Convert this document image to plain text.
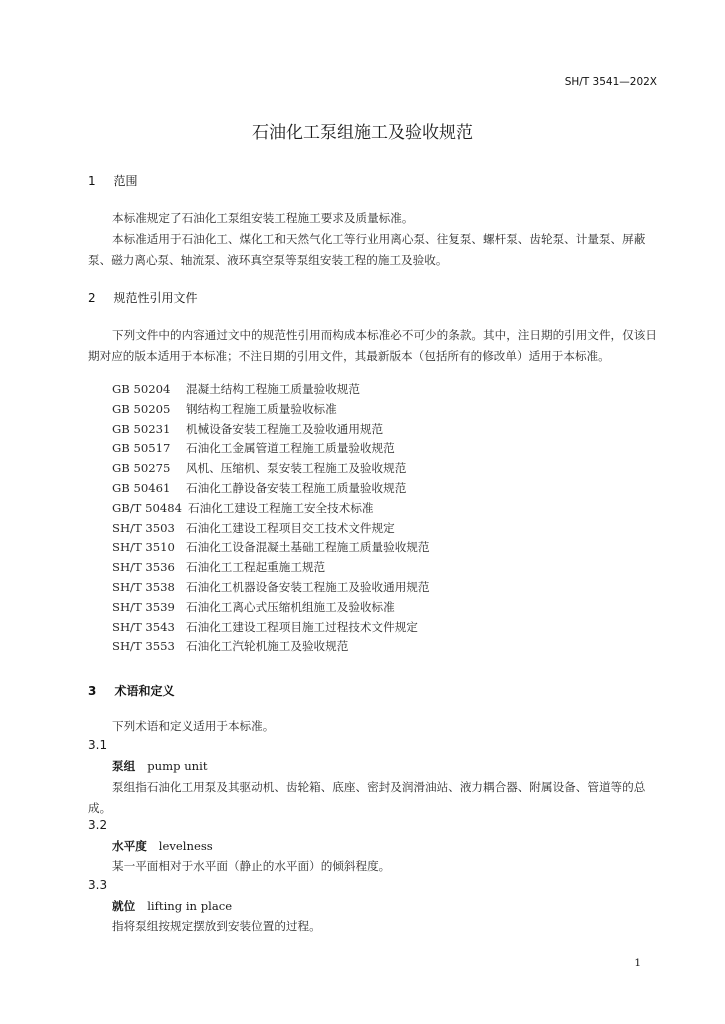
SH/T 3541—202X
石油化工泵组施工及验收规范
1 范围
本标准规定了石油化工泵组安装工程施工要求及质量标准。
本标准适用于石油化工、煤化工和天然气化工等行业用离心泵、往复泵、螺杆泵、齿轮泵、计量泵、屏蔽泵、磁力离心泵、轴流泵、液环真空泵等泵组安装工程的施工及验收。
2 规范性引用文件
下列文件中的内容通过文中的规范性引用而构成本标准必不可少的条款。其中，注日期的引用文件，仅该日期对应的版本适用于本标准；不注日期的引用文件，其最新版本（包括所有的修改单）适用于本标准。
GB 50204 混凝土结构工程施工质量验收规范
GB 50205 钢结构工程施工质量验收标准
GB 50231 机械设备安装工程施工及验收通用规范
GB 50517 石油化工金属管道工程施工质量验收规范
GB 50275 风机、压缩机、泵安装工程施工及验收规范
GB 50461 石油化工静设备安装工程施工质量验收规范
GB/T 50484 石油化工建设工程施工安全技术标准
SH/T 3503 石油化工建设工程项目交工技术文件规定
SH/T 3510 石油化工设备混凝土基础工程施工质量验收规范
SH/T 3536 石油化工工程起重施工规范
SH/T 3538 石油化工机器设备安装工程施工及验收通用规范
SH/T 3539 石油化工离心式压缩机组施工及验收标准
SH/T 3543 石油化工建设工程项目施工过程技术文件规定
SH/T 3553 石油化工汽轮机施工及验收规范
3 术语和定义
下列术语和定义适用于本标准。
3.1
泵组 pump unit
泵组指石油化工用泵及其驱动机、齿轮箱、底座、密封及润滑油站、液力耦合器、附属设备、管道等的总成。
3.2
水平度 levelness
某一平面相对于水平面（静止的水平面）的倾斜程度。
3.3
就位 lifting in place
指将泵组按规定摆放到安装位置的过程。
1
